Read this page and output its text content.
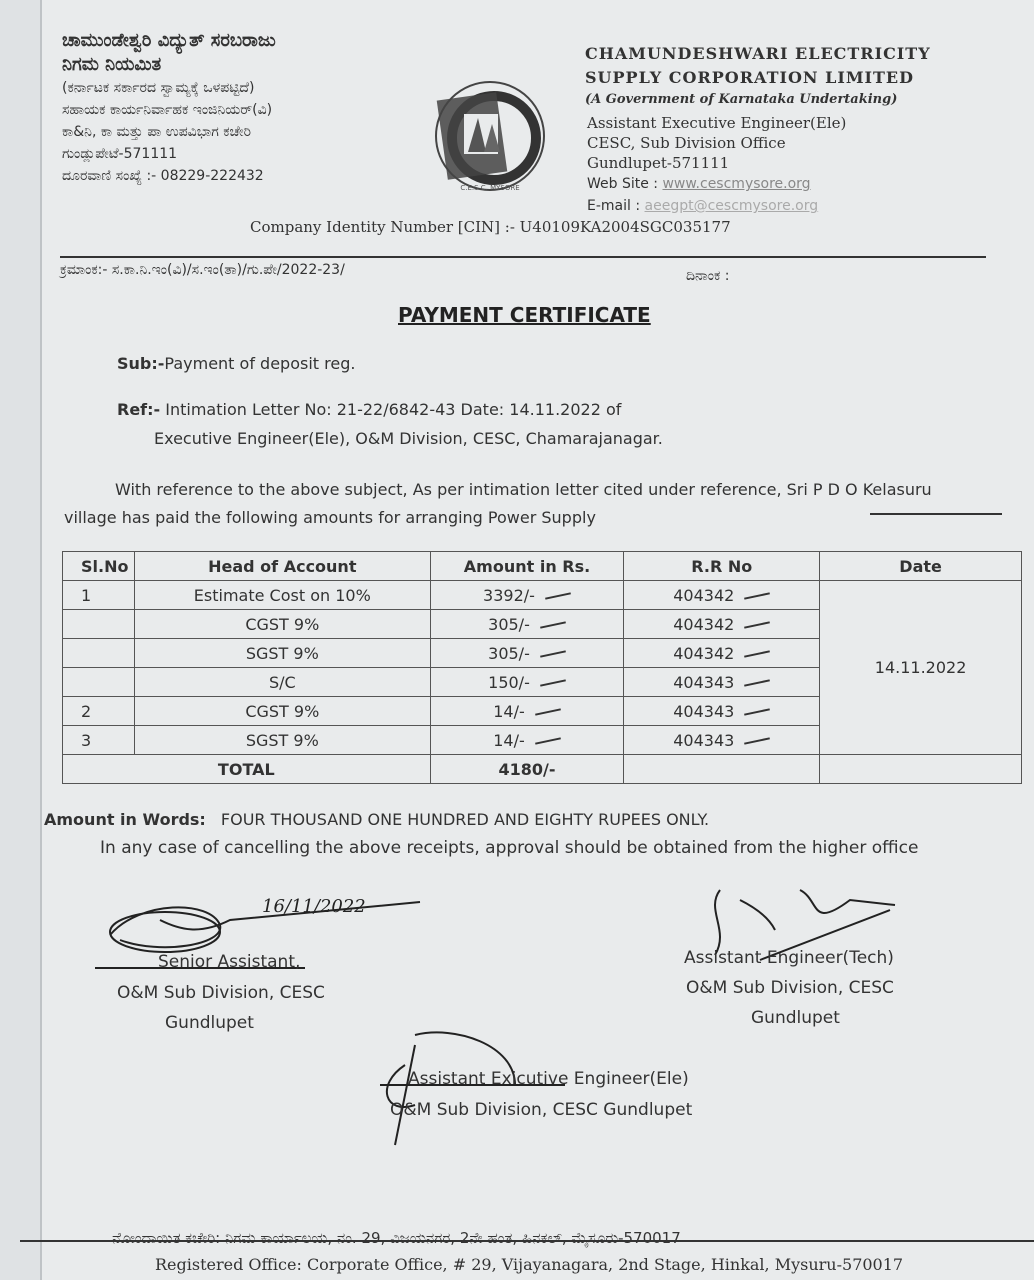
ಚಾಮುಂಡೇಶ್ವರಿ ವಿದ್ಯುತ್ ಸರಬರಾಜು
ನಿಗಮ ನಿಯಮಿತ
(ಕರ್ನಾಟಕ ಸರ್ಕಾರದ ಸ್ವಾಮ್ಯಕ್ಕೆ ಒಳಪಟ್ಟಿದೆ)
ಸಹಾಯಕ ಕಾರ್ಯನಿರ್ವಾಹಕ ಇಂಜಿನಿಯರ್(ವಿ)
ಕಾ&ನಿ, ಕಾ ಮತ್ತು ಪಾ ಉಪವಿಭಾಗ ಕಚೇರಿ
ಗುಂಡ್ಲುಪೇಟೆ-571111
ದೂರವಾಣಿ ಸಂಖ್ಯೆ :- 08229-222432
C.E.S.C. MYSORE
CHAMUNDESHWARI ELECTRICITY
SUPPLY CORPORATION LIMITED
(A Government of Karnataka Undertaking)
Assistant Executive Engineer(Ele)
CESC, Sub Division Office
Gundlupet-571111
Web Site : www.cescmysore.org
E-mail : aeegpt@cescmysore.org
Company Identity Number [CIN] :- U40109KA2004SGC035177
ಕ್ರಮಾಂಕ:- ಸ.ಕಾ.ನಿ.ಇಂ(ವಿ)/ಸ.ಇಂ(ತಾ)/ಗು.ಪೇ/2022-23/	ದಿನಾಂಕ :
PAYMENT CERTIFICATE
Sub:-Payment of deposit reg.
Ref:- Intimation Letter No: 21-22/6842-43 Date: 14.11.2022 of
Executive Engineer(Ele), O&M Division, CESC, Chamarajanagar.
With reference to the above subject, As per intimation letter cited under reference, Sri P D O Kelasuru
village has paid the following amounts for arranging Power Supply
Sl.No	Head of Account	Amount in Rs.	R.R No	Date
1	Estimate Cost on 10%	3392/-	404342	14.11.2022
	CGST 9%	305/-	404342	
	SGST 9%	305/-	404342	
	S/C	150/-	404343	
2	CGST 9%	14/-	404343	
3	SGST 9%	14/-	404343	
TOTAL		4180/-		
Amount in Words: FOUR THOUSAND ONE HUNDRED AND EIGHTY RUPEES ONLY.
In any case of cancelling the above receipts, approval should be obtained from the higher office
16/11/2022
Senior Assistant,
O&M Sub Division, CESC
Gundlupet
Assistant Engineer(Tech)
O&M Sub Division, CESC
Gundlupet
Assistant Exicutive Engineer(Ele)
O&M Sub Division, CESC Gundlupet
ನೋಂದಾಯಿತ ಕಚೇರಿ: ನಿಗಮ ಕಾರ್ಯಾಲಯ, ನಂ. 29, ವಿಜಯನಗರ, 2ನೇ ಹಂತ, ಹಿನಕಲ್, ಮೈಸೂರು-570017
Registered Office: Corporate Office, # 29, Vijayanagara, 2nd Stage, Hinkal, Mysuru-570017
